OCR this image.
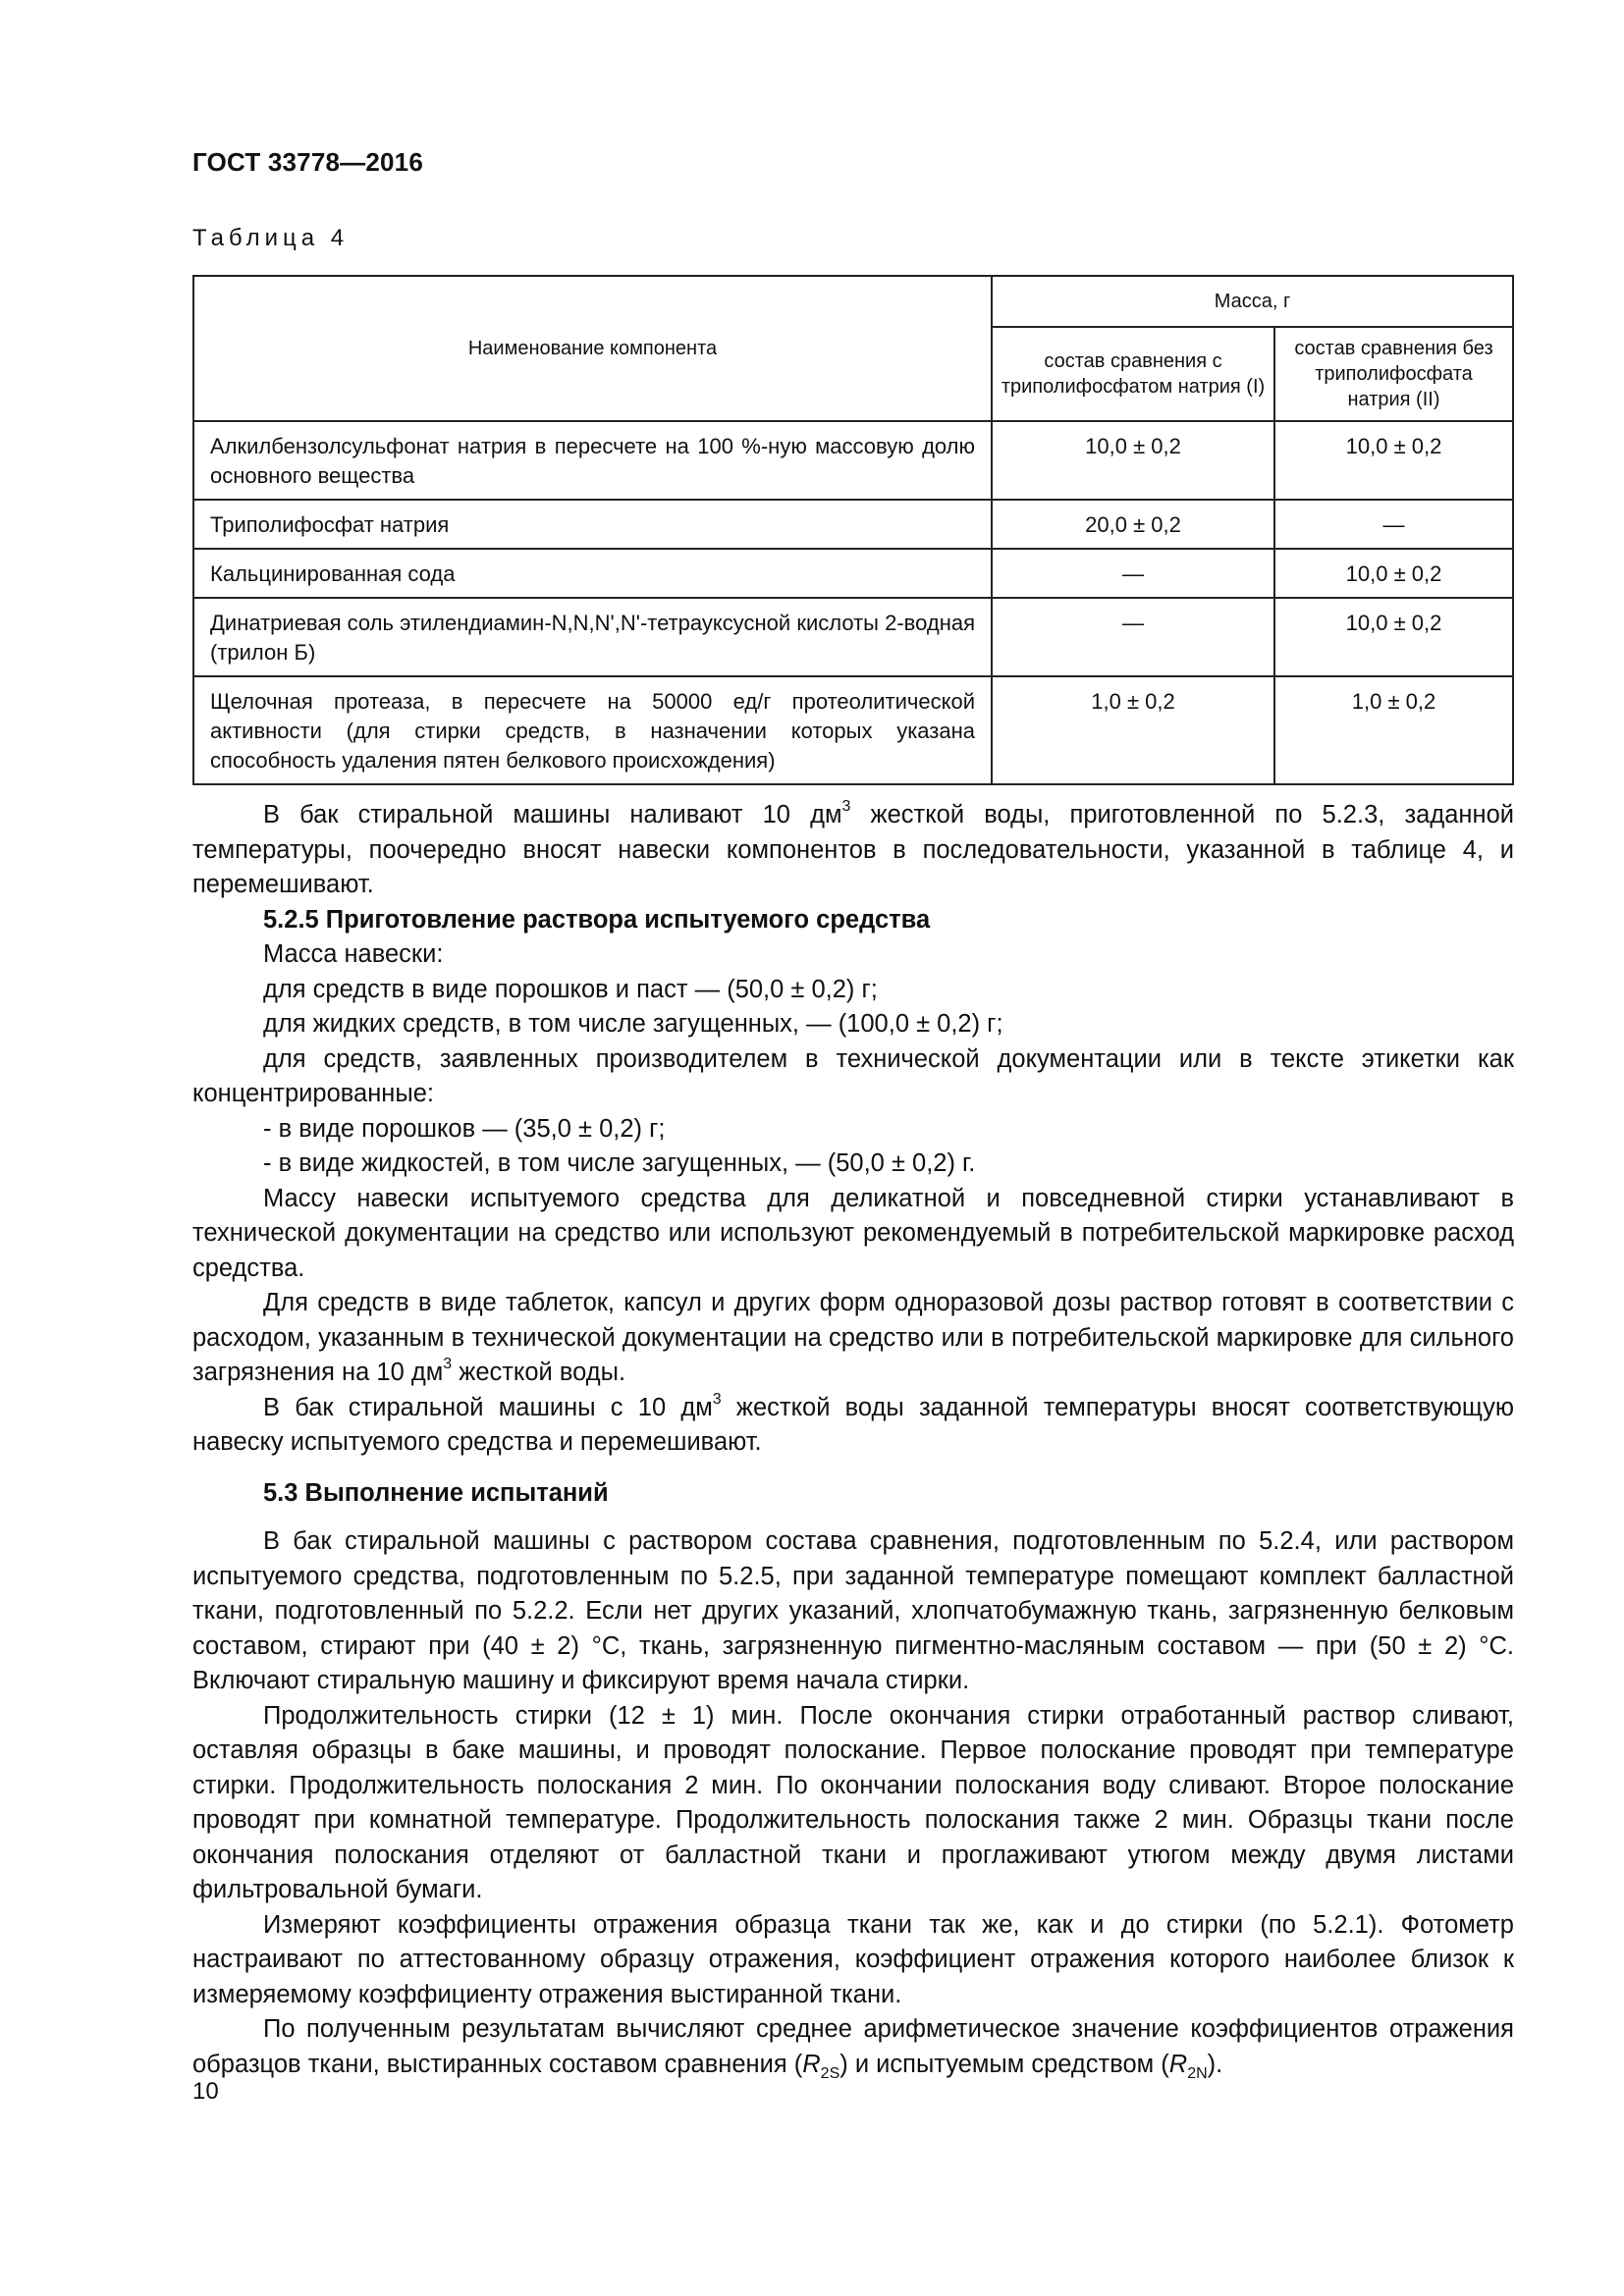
ГОСТ 33778—2016
Таблица 4
Наименование компонента	Масса, г	
	состав сравнения с триполифосфатом натрия (I)	состав сравнения без триполифосфата натрия (II)
Алкилбензолсульфонат натрия в пересчете на 100 %-ную массовую долю основного вещества	10,0 ± 0,2	10,0 ± 0,2
Триполифосфат натрия	20,0 ± 0,2	—
Кальцинированная сода	—	10,0 ± 0,2
Динатриевая соль этилендиамин-N,N,N',N'-тетрауксусной кислоты 2-водная (трилон Б)	—	10,0 ± 0,2
Щелочная протеаза, в пересчете на 50000 ед/г протеолитической активности (для стирки средств, в назначении которых указана способность удаления пятен белкового происхождения)	1,0 ± 0,2	1,0 ± 0,2

В бак стиральной машины наливают 10 $дм^3$ жесткой воды, приготовленной по 5.2.3, заданной температуры, поочередно вносят навески компонентов в последовательности, указанной в таблице 4, и перемешивают.

5.2.5 Приготовление раствора испытуемого средства

Масса навески:

для средств в виде порошков и паст — (50,0 ± 0,2) г;

для жидких средств, в том числе загущенных, — (100,0 ± 0,2) г;

для средств, заявленных производителем в технической документации или в тексте этикетки как концентрированные:

- в виде порошков — (35,0 ± 0,2) г;

- в виде жидкостей, в том числе загущенных, — (50,0 ± 0,2) г.

Массу навески испытуемого средства для деликатной и повседневной стирки устанавливают в технической документации на средство или используют рекомендуемый в потребительской маркировке расход средства.

Для средств в виде таблеток, капсул и других форм одноразовой дозы раствор готовят в соответствии с расходом, указанным в технической документации на средство или в потребительской маркировке для сильного загрязнения на 10 $дм^3$ жесткой воды.

В бак стиральной машины с 10 $дм^3$ жесткой воды заданной температуры вносят соответствующую навеску испытуемого средства и перемешивают.

5.3 Выполнение испытаний

В бак стиральной машины с раствором состава сравнения, подготовленным по 5.2.4, или раствором испытуемого средства, подготовленным по 5.2.5, при заданной температуре помещают комплект балластной ткани, подготовленный по 5.2.2. Если нет других указаний, хлопчатобумажную ткань, загрязненную белковым составом, стирают при (40 ± 2) °С, ткань, загрязненную пигментно-масляным составом — при (50 ± 2) °С. Включают стиральную машину и фиксируют время начала стирки.

Продолжительность стирки (12 ± 1) мин. После окончания стирки отработанный раствор сливают, оставляя образцы в баке машины, и проводят полоскание. Первое полоскание проводят при температуре стирки. Продолжительность полоскания 2 мин. По окончании полоскания воду сливают. Второе полоскание проводят при комнатной температуре. Продолжительность полоскания также 2 мин. Образцы ткани после окончания полоскания отделяют от балластной ткани и проглаживают утюгом между двумя листами фильтровальной бумаги.

Измеряют коэффициенты отражения образца ткани так же, как и до стирки (по 5.2.1). Фотометр настраивают по аттестованному образцу отражения, коэффициент отражения которого наиболее близок к измеряемому коэффициенту отражения выстиранной ткани.

По полученным результатам вычисляют среднее арифметическое значение коэффициентов отражения образцов ткани, выстиранных составом сравнения $(R_{2S})$ и испытуемым средством $(R_{2N})$.

10
